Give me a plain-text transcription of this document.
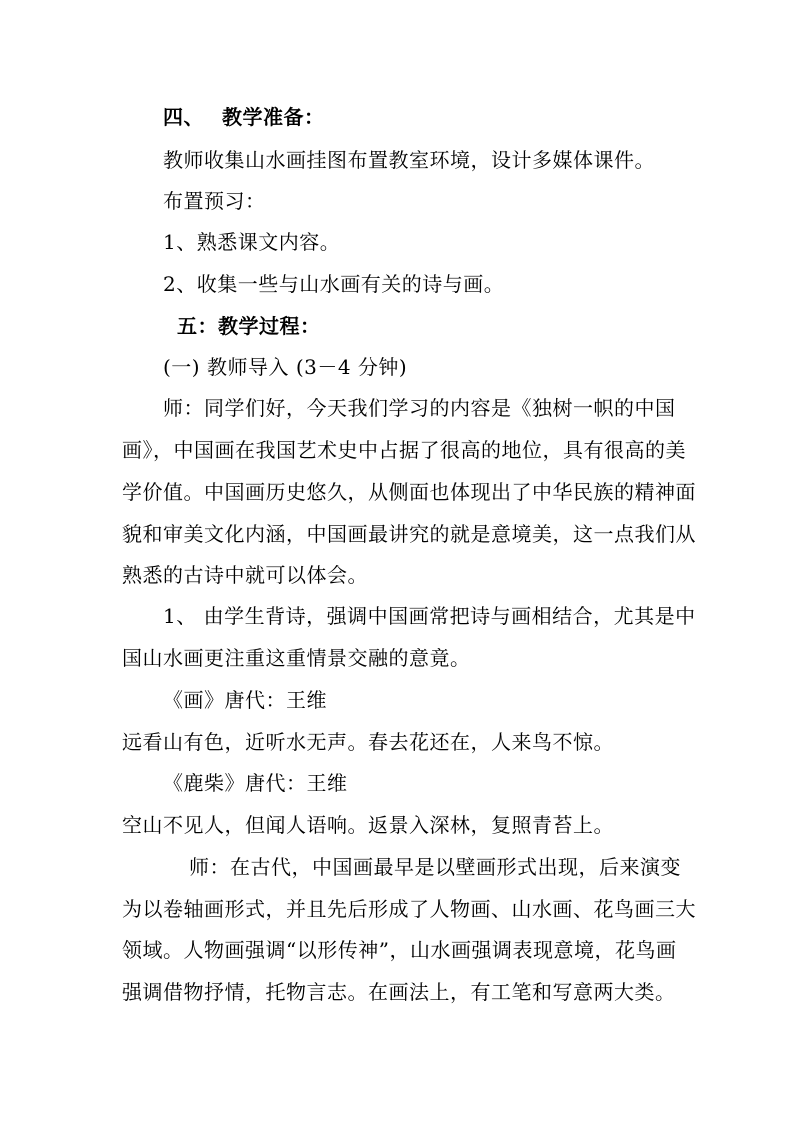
四、 教学准备：
教师收集山水画挂图布置教室环境，设计多媒体课件。
布置预习：
1、熟悉课文内容。
2、收集一些与山水画有关的诗与画。
五：教学过程：
(一) 教师导入 (3－4 分钟)
师：同学们好，今天我们学习的内容是《独树一帜的中国
画》，中国画在我国艺术史中占据了很高的地位，具有很高的美
学价值。中国画历史悠久，从侧面也体现出了中华民族的精神面
貌和审美文化内涵，中国画最讲究的就是意境美，这一点我们从
熟悉的古诗中就可以体会。
1、 由学生背诗，强调中国画常把诗与画相结合，尤其是中
国山水画更注重这重情景交融的意竟。
《画》唐代：王维
远看山有色，近听水无声。春去花还在，人来鸟不惊。
《鹿柴》唐代：王维
空山不见人，但闻人语响。返景入深林，复照青苔上。
师：在古代，中国画最早是以壁画形式出现，后来演变
为以卷轴画形式，并且先后形成了人物画、山水画、花鸟画三大
领域。人物画强调“以形传神”，山水画强调表现意境，花鸟画
强调借物抒情，托物言志。在画法上，有工笔和写意两大类。
